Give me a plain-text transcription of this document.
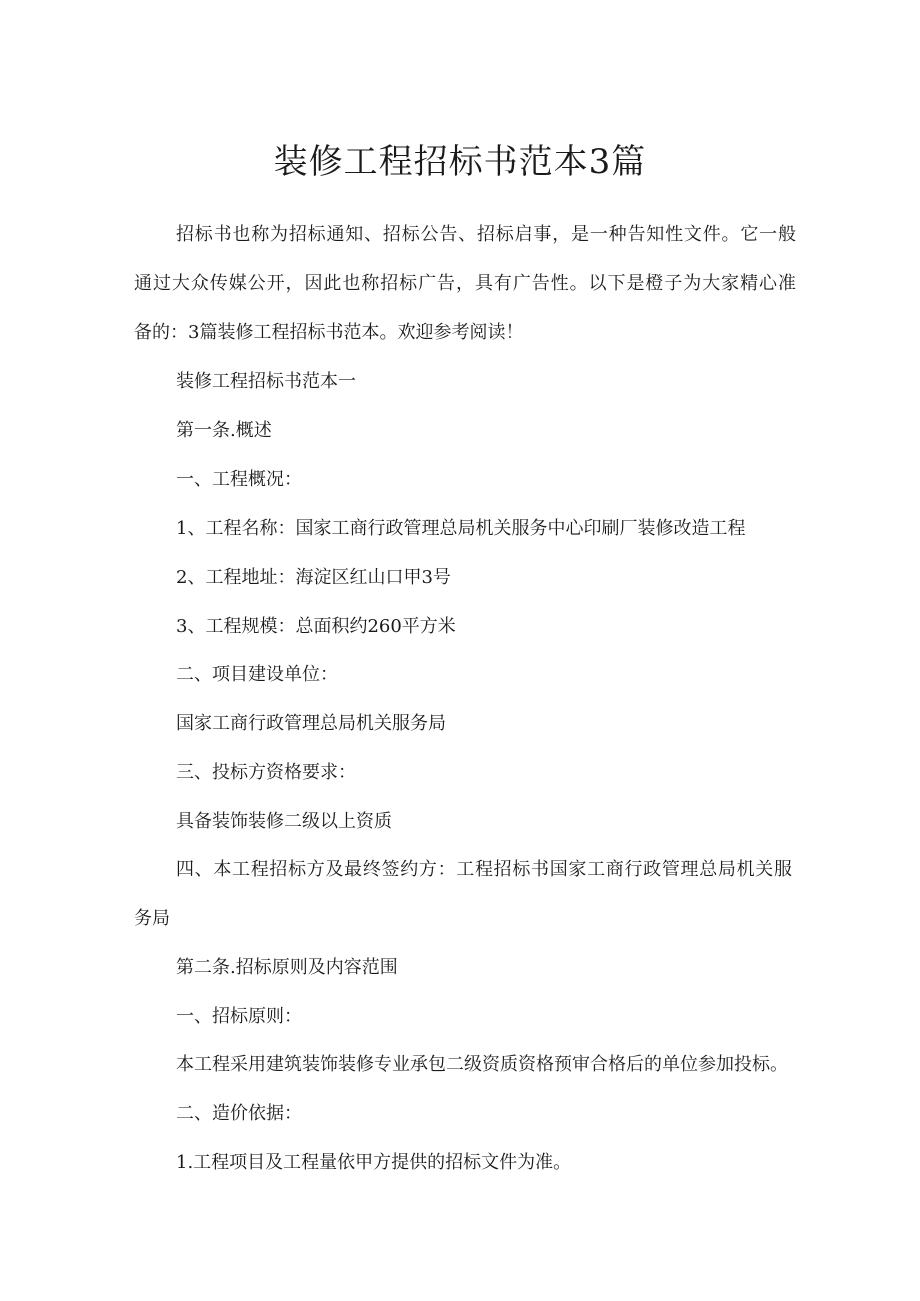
装修工程招标书范本3篇
招标书也称为招标通知、招标公告、招标启事，是一种告知性文件。它一般
通过大众传媒公开，因此也称招标广告，具有广告性。以下是橙子为大家精心准
备的：3篇装修工程招标书范本。欢迎参考阅读！
装修工程招标书范本一
第一条.概述
一、工程概况：
1、工程名称：国家工商行政管理总局机关服务中心印刷厂装修改造工程
2、工程地址：海淀区红山口甲3号
3、工程规模：总面积约260平方米
二、项目建设单位：
国家工商行政管理总局机关服务局
三、投标方资格要求：
具备装饰装修二级以上资质
四、本工程招标方及最终签约方：工程招标书国家工商行政管理总局机关服
务局
第二条.招标原则及内容范围
一、招标原则：
本工程采用建筑装饰装修专业承包二级资质资格预审合格后的单位参加投标。
二、造价依据：
1.工程项目及工程量依甲方提供的招标文件为准。
